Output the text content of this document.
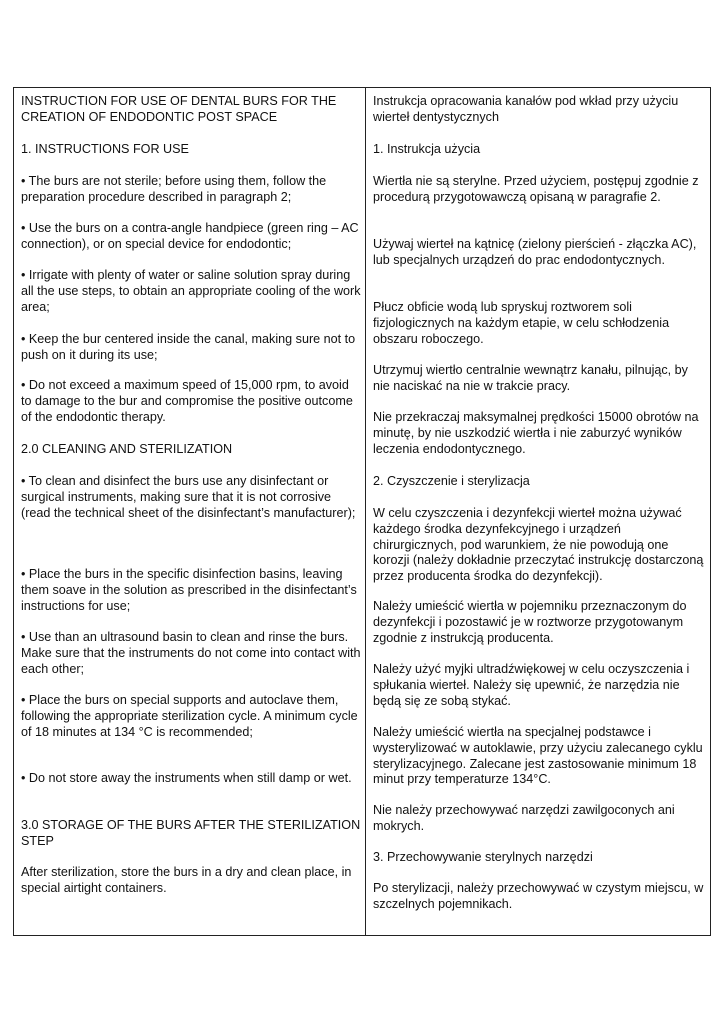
INSTRUCTION FOR USE OF DENTAL BURS FOR THE CREATION OF ENDODONTIC POST SPACE

1. INSTRUCTIONS FOR USE

• The burs are not sterile; before using them, follow the preparation procedure described in paragraph 2;

• Use the burs on a contra-angle handpiece (green ring – AC connection), or on special device for endodontic;

• Irrigate with plenty of water or saline solution spray during all the use steps, to obtain an appropriate cooling of the work area;

• Keep the bur centered inside the canal, making sure not to push on it during its use;

• Do not exceed a maximum speed of 15,000 rpm, to avoid to damage to the bur and compromise the positive outcome of the endodontic therapy.

2.0 CLEANING AND STERILIZATION

• To clean and disinfect the burs use any disinfectant or surgical instruments, making sure that it is not corrosive (read the technical sheet of the disinfectant’s manufacturer);

• Place the burs in the specific disinfection basins, leaving them soave in the solution as prescribed in the disinfectant’s instructions for use;

• Use than an ultrasound basin to clean and rinse the burs. Make sure that the instruments do not come into contact with each other;

• Place the burs on special supports and autoclave them, following the appropriate sterilization cycle. A minimum cycle of 18 minutes at 134 °C is recommended;

• Do not store away the instruments when still damp or wet.

3.0 STORAGE OF THE BURS AFTER THE STERILIZATION STEP

After sterilization, store the burs in a dry and clean place, in special airtight containers.

Instrukcja opracowania kanałów pod wkład przy użyciu wierteł dentystycznych

1. Instrukcja użycia

Wiertła nie są sterylne. Przed użyciem, postępuj zgodnie z procedurą przygotowawczą opisaną w paragrafie 2.

Używaj wierteł na kątnicę (zielony pierścień - złączka AC), lub specjalnych urządzeń do prac endodontycznych.

Płucz obficie wodą lub spryskuj roztworem soli fizjologicznych na każdym etapie, w celu schłodzenia obszaru roboczego.

Utrzymuj wiertło centralnie wewnątrz kanału, pilnując, by nie naciskać na nie w trakcie pracy.

Nie przekraczaj maksymalnej prędkości 15000 obrotów na minutę, by nie uszkodzić wiertła i nie zaburzyć wyników leczenia endodontycznego.

2. Czyszczenie i sterylizacja

W celu czyszczenia i dezynfekcji wierteł można używać każdego środka dezynfekcyjnego i urządzeń chirurgicznych, pod warunkiem, że nie powodują one korozji (należy dokładnie przeczytać instrukcję dostarczoną przez producenta środka do dezynfekcji).

Należy umieścić wiertła w pojemniku przeznaczonym do dezynfekcji i pozostawić je w roztworze przygotowanym zgodnie z instrukcją producenta.

Należy użyć myjki ultradźwiękowej w celu oczyszczenia i spłukania wierteł. Należy się upewnić, że narzędzia nie będą się ze sobą stykać.

Należy umieścić wiertła na specjalnej podstawce i wysterylizować w autoklawie, przy użyciu zalecanego cyklu sterylizacyjnego. Zalecane jest zastosowanie minimum 18 minut przy temperaturze 134°C.

Nie należy przechowywać narzędzi zawilgoconych ani mokrych.

3. Przechowywanie sterylnych narzędzi

Po sterylizacji, należy przechowywać w czystym miejscu, w szczelnych pojemnikach.
